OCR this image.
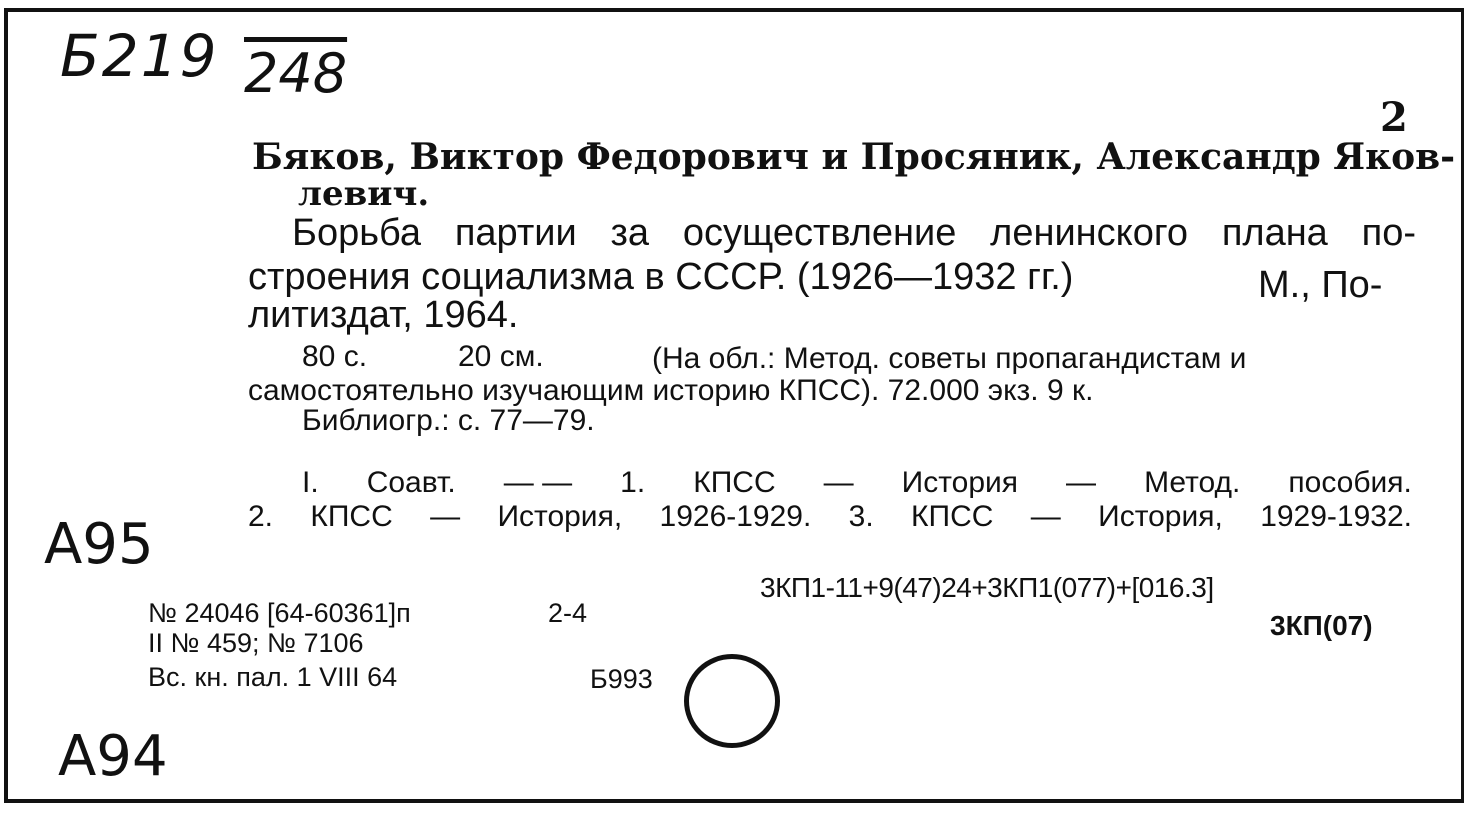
Б219 248
2
Бяков, Виктор Федорович и Просяник, Александр Яков-
левич.
Борьба партии за осуществление ленинского плана по-
строения социализма в СССР. (1926—1932 гг.)	М., По-
литиздат, 1964.
80 с.	20 см.	(На обл.: Метод. советы пропагандистам и
самостоятельно изучающим историю КПСС). 72.000 экз. 9 к.
Библиогр.: с. 77—79.
I. Соавт. — — 1. КПСС — История — Метод. пособия.
2. КПСС — История, 1926-1929. 3. КПСС — История, 1929-1932.
А95
3КП1-11+9(47)24+3КП1(077)+[016.3]
3КП(07)
№ 24046 [64-60361]п	2-4
II № 459; № 7106
Вс. кн. пал. 1 VIII 64	Б993
А94
